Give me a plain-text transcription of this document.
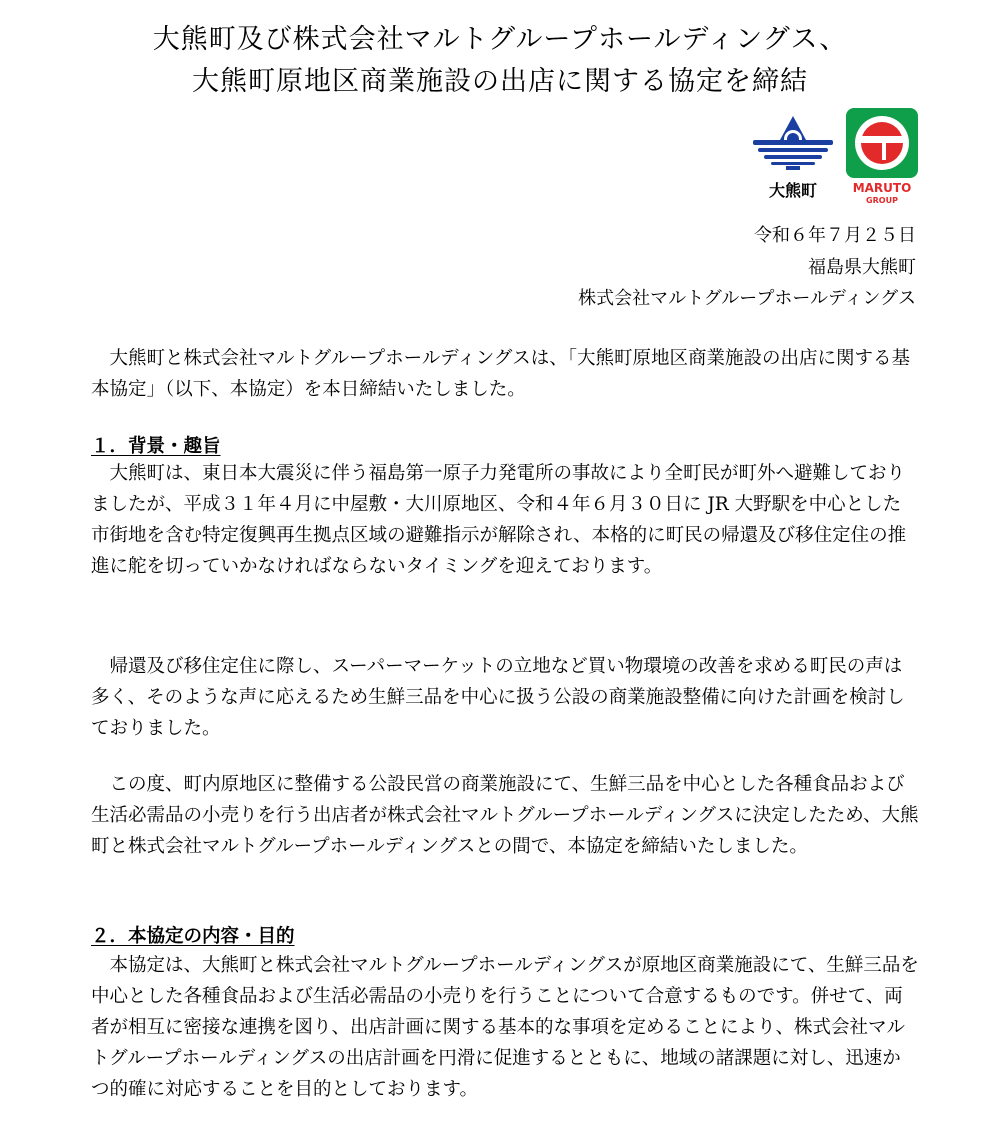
大熊町及び株式会社マルトグループホールディングス、
大熊町原地区商業施設の出店に関する協定を締結
大熊町	MARUTO
GROUP
令和６年７月２５日
福島県大熊町
株式会社マルトグループホールディングス

　大熊町と株式会社マルトグループホールディングスは、「大熊町原地区商業施設の出店に関する基本協定」（以下、本協定）を本日締結いたしました。

１．背景・趣旨

　大熊町は、東日本大震災に伴う福島第一原子力発電所の事故により全町民が町外へ避難しておりましたが、平成３１年４月に中屋敷・大川原地区、令和４年６月３０日に JR 大野駅を中心とした市街地を含む特定復興再生拠点区域の避難指示が解除され、本格的に町民の帰還及び移住定住の推進に舵を切っていかなければならないタイミングを迎えております。

　帰還及び移住定住に際し、スーパーマーケットの立地など買い物環境の改善を求める町民の声は多く、そのような声に応えるため生鮮三品を中心に扱う公設の商業施設整備に向けた計画を検討しておりました。

　この度、町内原地区に整備する公設民営の商業施設にて、生鮮三品を中心とした各種食品および生活必需品の小売りを行う出店者が株式会社マルトグループホールディングスに決定したため、大熊町と株式会社マルトグループホールディングスとの間で、本協定を締結いたしました。

２．本協定の内容・目的

　本協定は、大熊町と株式会社マルトグループホールディングスが原地区商業施設にて、生鮮三品を中心とした各種食品および生活必需品の小売りを行うことについて合意するものです。併せて、両者が相互に密接な連携を図り、出店計画に関する基本的な事項を定めることにより、株式会社マルトグループホールディングスの出店計画を円滑に促進するとともに、地域の諸課題に対し、迅速かつ的確に対応することを目的としております。
